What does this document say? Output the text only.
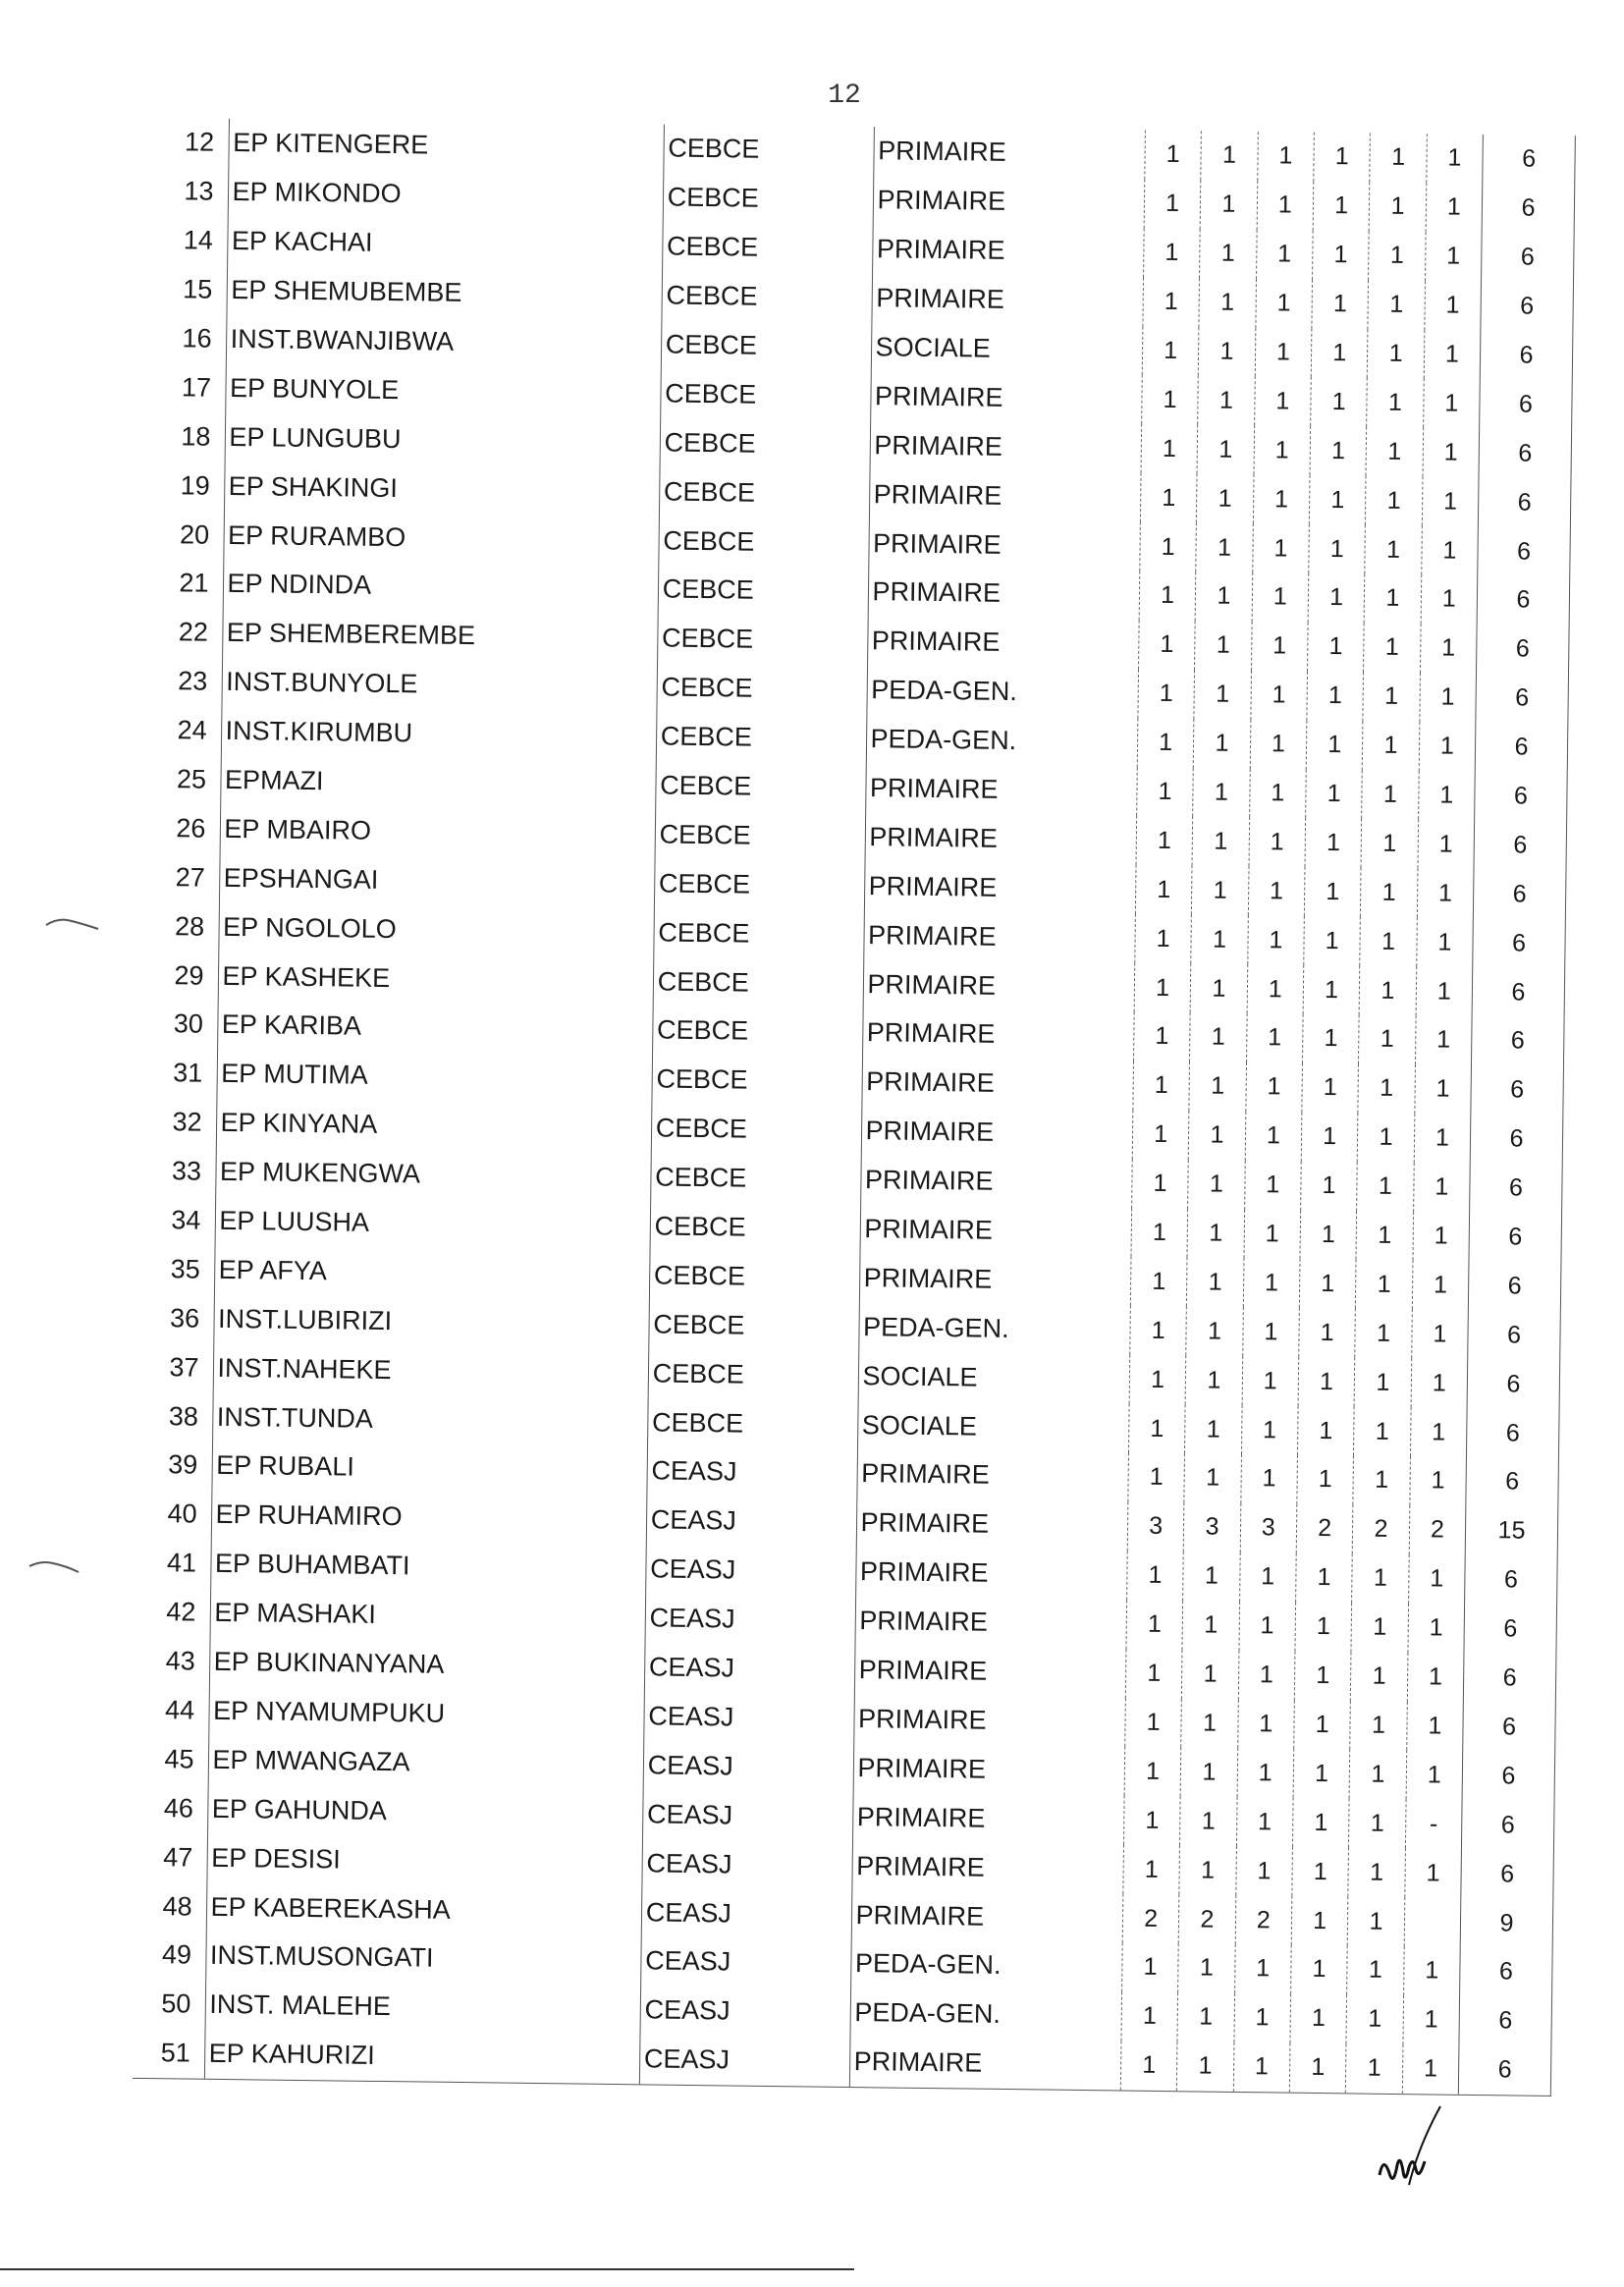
12
12	EP KITENGERE	CEBCE	PRIMAIRE	1	1	1	1	1	1	6
13	EP MIKONDO	CEBCE	PRIMAIRE	1	1	1	1	1	1	6
14	EP KACHAI	CEBCE	PRIMAIRE	1	1	1	1	1	1	6
15	EP SHEMUBEMBE	CEBCE	PRIMAIRE	1	1	1	1	1	1	6
16	INST.BWANJIBWA	CEBCE	SOCIALE	1	1	1	1	1	1	6
17	EP BUNYOLE	CEBCE	PRIMAIRE	1	1	1	1	1	1	6
18	EP LUNGUBU	CEBCE	PRIMAIRE	1	1	1	1	1	1	6
19	EP SHAKINGI	CEBCE	PRIMAIRE	1	1	1	1	1	1	6
20	EP RURAMBO	CEBCE	PRIMAIRE	1	1	1	1	1	1	6
21	EP NDINDA	CEBCE	PRIMAIRE	1	1	1	1	1	1	6
22	EP SHEMBEREMBE	CEBCE	PRIMAIRE	1	1	1	1	1	1	6
23	INST.BUNYOLE	CEBCE	PEDA-GEN.	1	1	1	1	1	1	6
24	INST.KIRUMBU	CEBCE	PEDA-GEN.	1	1	1	1	1	1	6
25	EPMAZI	CEBCE	PRIMAIRE	1	1	1	1	1	1	6
26	EP MBAIRO	CEBCE	PRIMAIRE	1	1	1	1	1	1	6
27	EPSHANGAI	CEBCE	PRIMAIRE	1	1	1	1	1	1	6
28	EP NGOLOLO	CEBCE	PRIMAIRE	1	1	1	1	1	1	6
29	EP KASHEKE	CEBCE	PRIMAIRE	1	1	1	1	1	1	6
30	EP KARIBA	CEBCE	PRIMAIRE	1	1	1	1	1	1	6
31	EP MUTIMA	CEBCE	PRIMAIRE	1	1	1	1	1	1	6
32	EP KINYANA	CEBCE	PRIMAIRE	1	1	1	1	1	1	6
33	EP MUKENGWA	CEBCE	PRIMAIRE	1	1	1	1	1	1	6
34	EP LUUSHA	CEBCE	PRIMAIRE	1	1	1	1	1	1	6
35	EP AFYA	CEBCE	PRIMAIRE	1	1	1	1	1	1	6
36	INST.LUBIRIZI	CEBCE	PEDA-GEN.	1	1	1	1	1	1	6
37	INST.NAHEKE	CEBCE	SOCIALE	1	1	1	1	1	1	6
38	INST.TUNDA	CEBCE	SOCIALE	1	1	1	1	1	1	6
39	EP RUBALI	CEASJ	PRIMAIRE	1	1	1	1	1	1	6
40	EP RUHAMIRO	CEASJ	PRIMAIRE	3	3	3	2	2	2	15
41	EP BUHAMBATI	CEASJ	PRIMAIRE	1	1	1	1	1	1	6
42	EP MASHAKI	CEASJ	PRIMAIRE	1	1	1	1	1	1	6
43	EP BUKINANYANA	CEASJ	PRIMAIRE	1	1	1	1	1	1	6
44	EP NYAMUMPUKU	CEASJ	PRIMAIRE	1	1	1	1	1	1	6
45	EP MWANGAZA	CEASJ	PRIMAIRE	1	1	1	1	1	1	6
46	EP GAHUNDA	CEASJ	PRIMAIRE	1	1	1	1	1	-	6
47	EP DESISI	CEASJ	PRIMAIRE	1	1	1	1	1	1	6
48	EP KABEREKASHA	CEASJ	PRIMAIRE	2	2	2	1	1		9
49	INST.MUSONGATI	CEASJ	PEDA-GEN.	1	1	1	1	1	1	6
50	INST. MALEHE	CEASJ	PEDA-GEN.	1	1	1	1	1	1	6
51	EP KAHURIZI	CEASJ	PRIMAIRE	1	1	1	1	1	1	6
